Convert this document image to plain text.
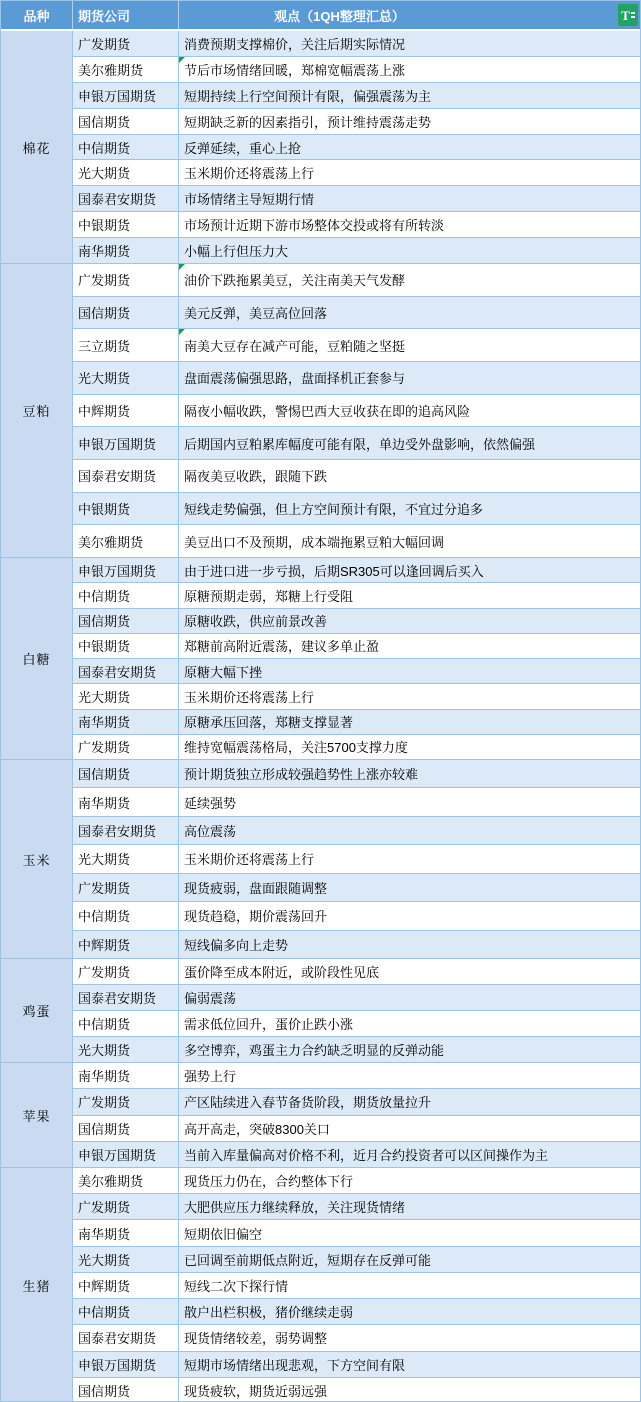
品种	期货公司	观点（1QH整理汇总）	T
棉花
广发期货	消费预期支撑棉价，关注后期实际情况
美尔雅期货	节后市场情绪回暖，郑棉宽幅震荡上涨
申银万国期货	短期持续上行空间预计有限，偏强震荡为主
国信期货	短期缺乏新的因素指引，预计维持震荡走势
中信期货	反弹延续，重心上抢
光大期货	玉米期价还将震荡上行
国泰君安期货	市场情绪主导短期行情
中银期货	市场预计近期下游市场整体交投或将有所转淡
南华期货	小幅上行但压力大
豆粕
广发期货	油价下跌拖累美豆，关注南美天气发酵
国信期货	美元反弹，美豆高位回落
三立期货	南美大豆存在减产可能，豆粕随之坚挺
光大期货	盘面震荡偏强思路，盘面择机正套参与
中辉期货	隔夜小幅收跌，警惕巴西大豆收获在即的追高风险
申银万国期货	后期国内豆粕累库幅度可能有限，单边受外盘影响，依然偏强
国泰君安期货	隔夜美豆收跌，跟随下跌
中银期货	短线走势偏强，但上方空间预计有限，不宜过分追多
美尔雅期货	美豆出口不及预期，成本端拖累豆粕大幅回调
白糖
申银万国期货	由于进口进一步亏损，后期SR305可以逢回调后买入
中信期货	原糖预期走弱，郑糖上行受阻
国信期货	原糖收跌，供应前景改善
中银期货	郑糖前高附近震荡，建议多单止盈
国泰君安期货	原糖大幅下挫
光大期货	玉米期价还将震荡上行
南华期货	原糖承压回落，郑糖支撑显著
广发期货	维持宽幅震荡格局，关注5700支撑力度
玉米
国信期货	预计期货独立形成较强趋势性上涨亦较难
南华期货	延续强势
国泰君安期货	高位震荡
光大期货	玉米期价还将震荡上行
广发期货	现货疲弱，盘面跟随调整
中信期货	现货趋稳，期价震荡回升
中辉期货	短线偏多向上走势
鸡蛋
广发期货	蛋价降至成本附近，或阶段性见底
国泰君安期货	偏弱震荡
中信期货	需求低位回升，蛋价止跌小涨
光大期货	多空博弈，鸡蛋主力合约缺乏明显的反弹动能
苹果
南华期货	强势上行
广发期货	产区陆续进入春节备货阶段，期货放量拉升
国信期货	高开高走，突破8300关口
申银万国期货	当前入库量偏高对价格不利，近月合约投资者可以区间操作为主
生猪
美尔雅期货	现货压力仍在，合约整体下行
广发期货	大肥供应压力继续释放，关注现货情绪
南华期货	短期依旧偏空
光大期货	已回调至前期低点附近，短期存在反弹可能
中辉期货	短线二次下探行情
中信期货	散户出栏积极，猪价继续走弱
国泰君安期货	现货情绪较差，弱势调整
申银万国期货	短期市场情绪出现悲观，下方空间有限
国信期货	现货疲软，期货近弱远强
